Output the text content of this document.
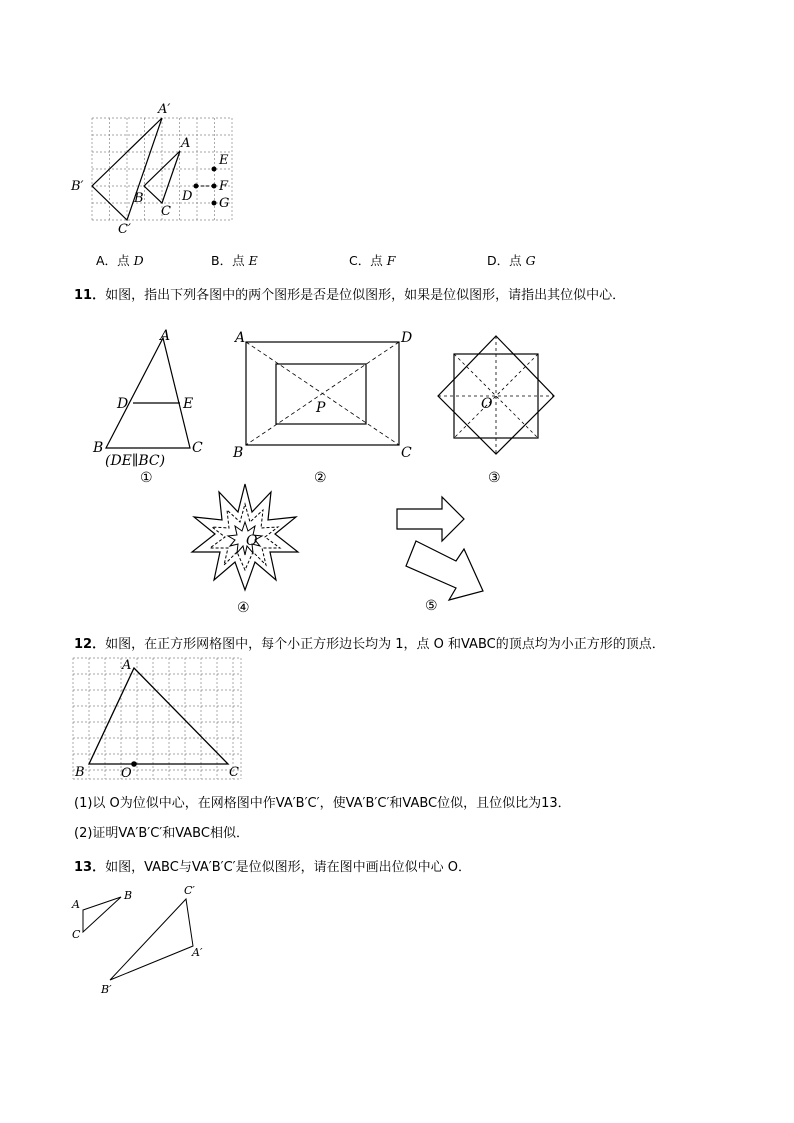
A′
A
B′
B
C
C′
D
E
F
G
A．点 D	B．点 E	C．点 F	D．点 G
11．如图，指出下列各图中的两个图形是否是位似图形，如果是位似图形，请指出其位似中心．
A
D	E
B	C
(DE∥BC)
①
A	D
P
B	C
②
O
③
O
④	⑤
12．如图，在正方形网格图中，每个小正方形边长均为 1，点 O 和VABC的顶点均为小正方形的顶点．
A
B	O	C
(1)以 O为位似中心，在网格图中作VA′B′C′，使VA′B′C′和VABC位似，且位似比为13．
(2)证明VA′B′C′和VABC相似．
13．如图，VABC与VA′B′C′是位似图形，请在图中画出位似中心 O．
A
B
C
C′
A′
B′
